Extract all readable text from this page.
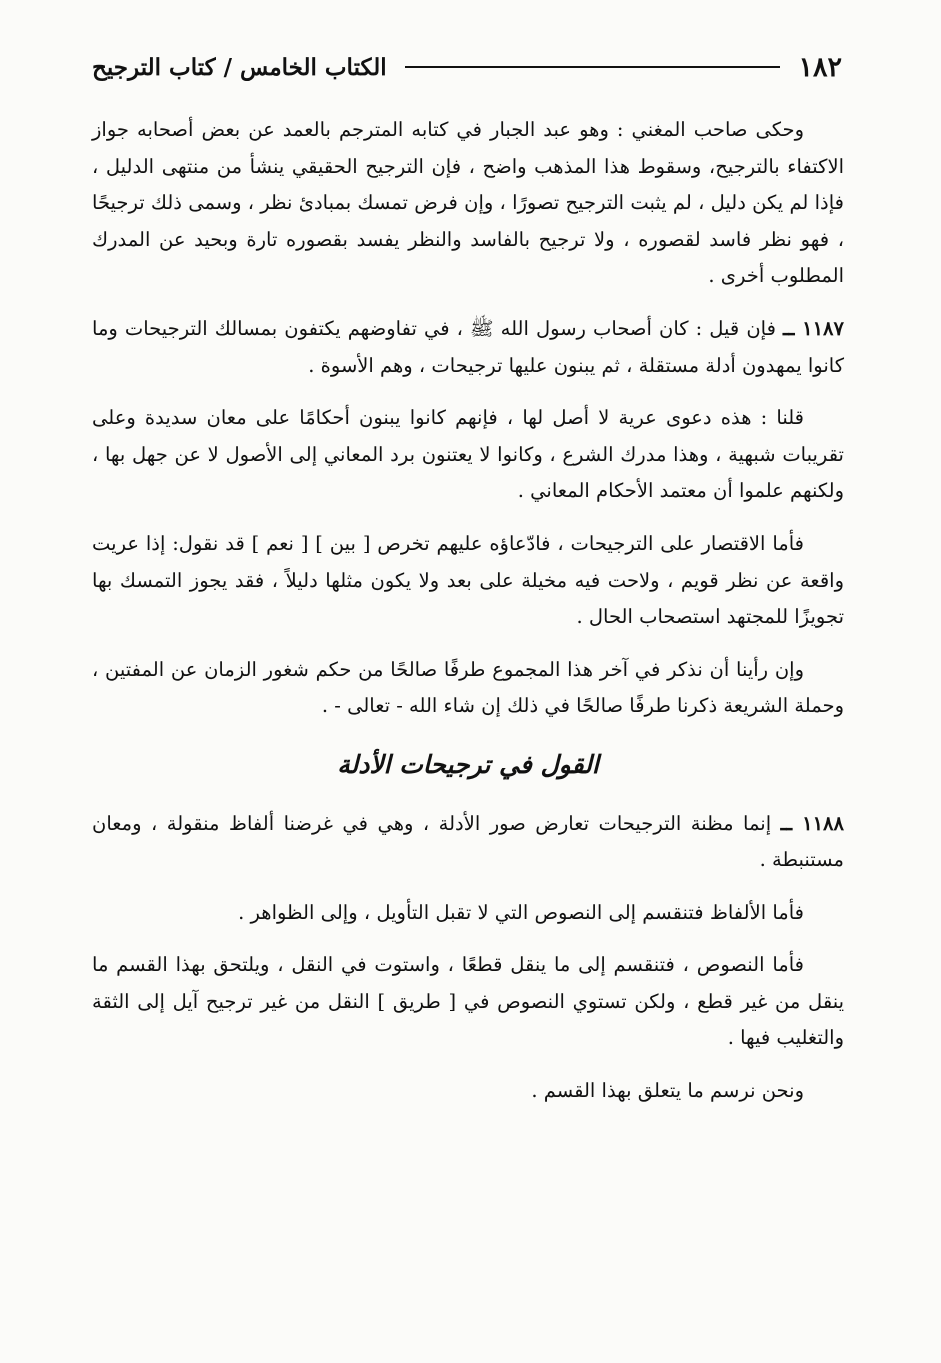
١٨٢
الكتاب الخامس / كتاب الترجيح

وحكى صاحب المغني : وهو عبد الجبار في كتابه المترجم بالعمد عن بعض أصحابه جواز الاكتفاء بالترجيح، وسقوط هذا المذهب واضح ، فإن الترجيح الحقيقي ينشأ من منتهى الدليل ، فإذا لم يكن دليل ، لم يثبت الترجيح تصورًا ، وإن فرض تمسك بمبادئ نظر ، وسمى ذلك ترجيحًا ، فهو نظر فاسد لقصوره ، ولا ترجيح بالفاسد والنظر يفسد بقصوره تارة وبحيد عن المدرك المطلوب أخرى .

١١٨٧ ــ فإن قيل : كان أصحاب رسول الله ﷺ ، في تفاوضهم يكتفون بمسالك الترجيحات وما كانوا يمهدون أدلة مستقلة ، ثم يبنون عليها ترجيحات ، وهم الأسوة .

قلنا : هذه دعوى عرية لا أصل لها ، فإنهم كانوا يبنون أحكامًا على معان سديدة وعلى تقريبات شبهية ، وهذا مدرك الشرع ، وكانوا لا يعتنون برد المعاني إلى الأصول لا عن جهل بها ، ولكنهم علموا أن معتمد الأحكام المعاني .

فأما الاقتصار على الترجيحات ، فادّعاؤه عليهم تخرص [ بين ] [ نعم ] قد نقول: إذا عريت واقعة عن نظر قويم ، ولاحت فيه مخيلة على بعد ولا يكون مثلها دليلاً ، فقد يجوز التمسك بها تجويزًا للمجتهد استصحاب الحال .

وإن رأينا أن نذكر في آخر هذا المجموع طرفًا صالحًا من حكم شغور الزمان عن المفتين ، وحملة الشريعة ذكرنا طرفًا صالحًا في ذلك إن شاء الله - تعالى - .

القول في ترجيحات الأدلة

١١٨٨ ــ إنما مظنة الترجيحات تعارض صور الأدلة ، وهي في غرضنا ألفاظ منقولة ، ومعان مستنبطة .

فأما الألفاظ فتنقسم إلى النصوص التي لا تقبل التأويل ، وإلى الظواهر .

فأما النصوص ، فتنقسم إلى ما ينقل قطعًا ، واستوت في النقل ، ويلتحق بهذا القسم ما ينقل من غير قطع ، ولكن تستوي النصوص في [ طريق ] النقل من غير ترجيح آيل إلى الثقة والتغليب فيها .

ونحن نرسم ما يتعلق بهذا القسم .
